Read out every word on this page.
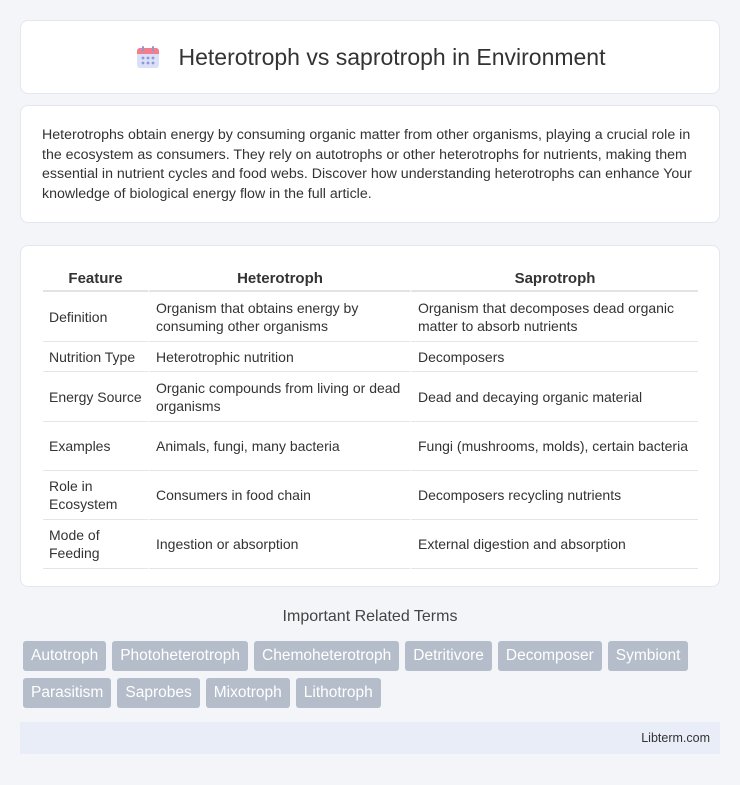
Heterotroph vs saprotroph in Environment

Heterotrophs obtain energy by consuming organic matter from other organisms, playing a crucial role in the ecosystem as consumers. They rely on autotrophs or other heterotrophs for nutrients, making them essential in nutrient cycles and food webs. Discover how understanding heterotrophs can enhance Your knowledge of biological energy flow in the full article.

Feature	Heterotroph	Saprotroph
Definition	Organism that obtains energy by consuming other organisms	Organism that decomposes dead organic matter to absorb nutrients
Nutrition Type	Heterotrophic nutrition	Decomposers
Energy Source	Organic compounds from living or dead organisms	Dead and decaying organic material
Examples	Animals, fungi, many bacteria	Fungi (mushrooms, molds), certain bacteria
Role in Ecosystem	Consumers in food chain	Decomposers recycling nutrients
Mode of Feeding	Ingestion or absorption	External digestion and absorption
Important Related Terms
Autotroph	Photoheterotroph	Chemoheterotroph	Detritivore	Decomposer	Symbiont
Parasitism	Saprobes	Mixotroph	Lithotroph
Libterm.com
